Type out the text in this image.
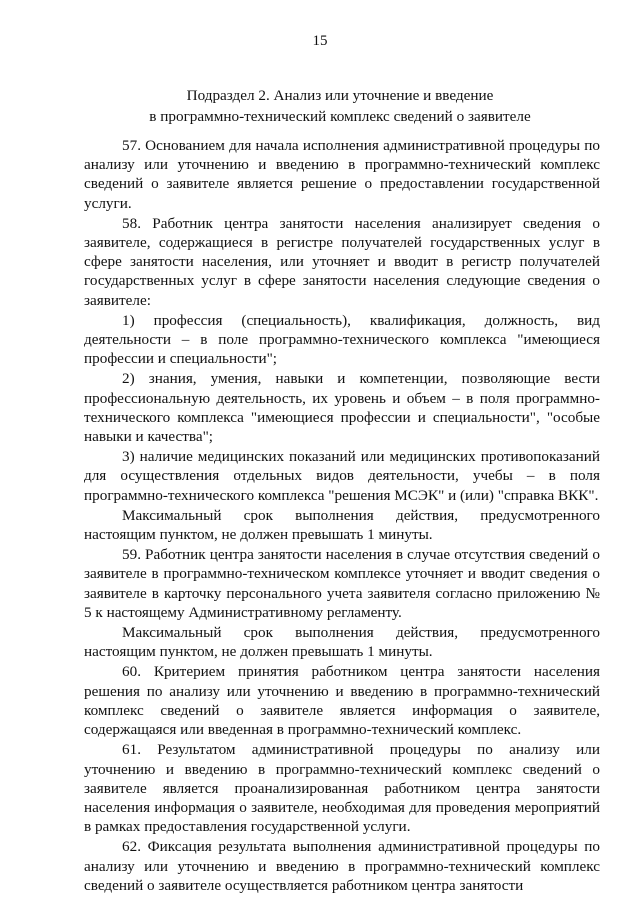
15
Подраздел 2. Анализ или уточнение и введение
в программно-технический комплекс сведений о заявителе

57. Основанием для начала исполнения административной процедуры по анализу или уточнению и введению в программно-технический комплекс сведений о заявителе является решение о предоставлении государственной услуги.

58. Работник центра занятости населения анализирует сведения о заявителе, содержащиеся в регистре получателей государственных услуг в сфере занятости населения, или уточняет и вводит в регистр получателей государственных услуг в сфере занятости населения следующие сведения о заявителе:

1) профессия (специальность), квалификация, должность, вид деятельности – в поле программно-технического комплекса "имеющиеся профессии и специальности";

2) знания, умения, навыки и компетенции, позволяющие вести профессиональную деятельность, их уровень и объем – в поля программно-технического комплекса "имеющиеся профессии и специальности", "особые навыки и качества";

3) наличие медицинских показаний или медицинских противопоказаний для осуществления отдельных видов деятельности, учебы – в поля программно-технического комплекса "решения МСЭК" и (или) "справка ВКК".

Максимальный срок выполнения действия, предусмотренного настоящим пунктом, не должен превышать 1 минуты.

59. Работник центра занятости населения в случае отсутствия сведений о заявителе в программно-техническом комплексе уточняет и вводит сведения о заявителе в карточку персонального учета заявителя согласно приложению № 5 к настоящему Административному регламенту.

Максимальный срок выполнения действия, предусмотренного настоящим пунктом, не должен превышать 1 минуты.

60. Критерием принятия работником центра занятости населения решения по анализу или уточнению и введению в программно-технический комплекс сведений о заявителе является информация о заявителе, содержащаяся или введенная в программно-технический комплекс.

61. Результатом административной процедуры по анализу или уточнению и введению в программно-технический комплекс сведений о заявителе является проанализированная работником центра занятости населения информация о заявителе, необходимая для проведения мероприятий в рамках предоставления государственной услуги.

62. Фиксация результата выполнения административной процедуры по анализу или уточнению и введению в программно-технический комплекс сведений о заявителе осуществляется работником центра занятости
